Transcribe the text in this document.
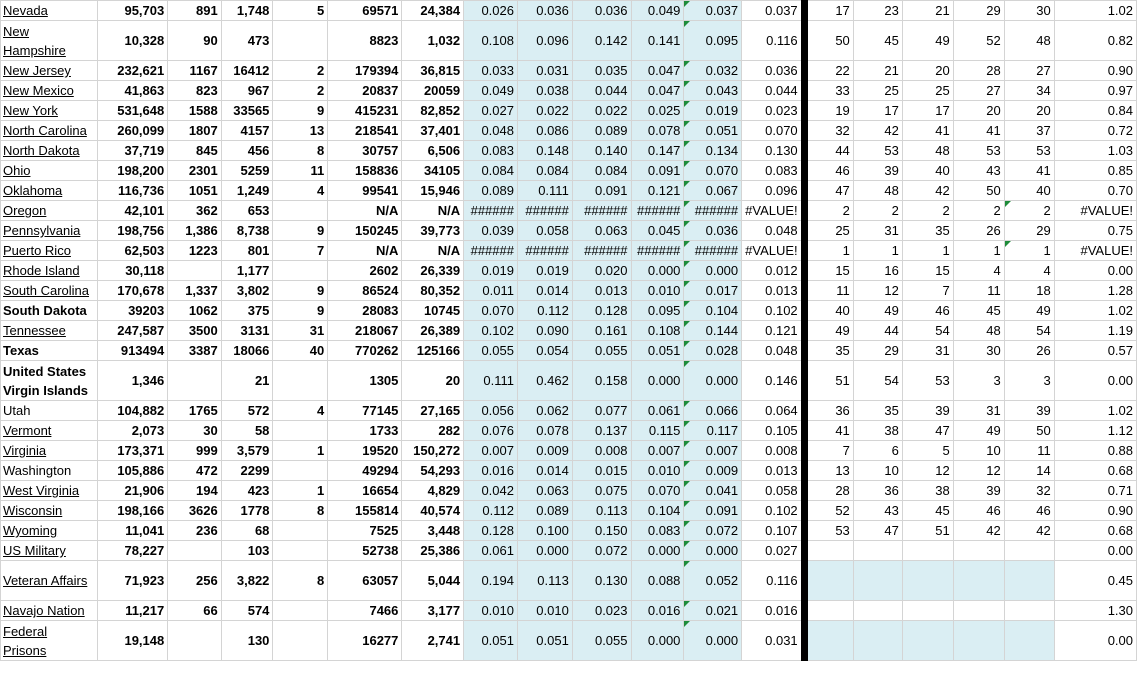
Nevada	95,703	891	1,748	5	69571	24,384	0.026	0.036	0.036	0.049	0.037	0.037	17	23	21	29	30	1.02

New Hampshire	10,328	90	473		8823	1,032	0.108	0.096	0.142	0.141	0.095	0.116	50	45	49	52	48	0.82
New Jersey	232,621	1167	16412	2	179394	36,815	0.033	0.031	0.035	0.047	0.032	0.036	22	21	20	28	27	0.90
New Mexico	41,863	823	967	2	20837	20059	0.049	0.038	0.044	0.047	0.043	0.044	33	25	25	27	34	0.97
New York	531,648	1588	33565	9	415231	82,852	0.027	0.022	0.022	0.025	0.019	0.023	19	17	17	20	20	0.84
North Carolina	260,099	1807	4157	13	218541	37,401	0.048	0.086	0.089	0.078	0.051	0.070	32	42	41	41	37	0.72
North Dakota	37,719	845	456	8	30757	6,506	0.083	0.148	0.140	0.147	0.134	0.130	44	53	48	53	53	1.03
Ohio	198,200	2301	5259	11	158836	34105	0.084	0.084	0.084	0.091	0.070	0.083	46	39	40	43	41	0.85
Oklahoma	116,736	1051	1,249	4	99541	15,946	0.089	0.111	0.091	0.121	0.067	0.096	47	48	42	50	40	0.70
Oregon	42,101	362	653		N/A	N/A	######	######	######	######	######	#VALUE!	2	2	2	2	2	#VALUE!
Pennsylvania	198,756	1,386	8,738	9	150245	39,773	0.039	0.058	0.063	0.045	0.036	0.048	25	31	35	26	29	0.75
Puerto Rico	62,503	1223	801	7	N/A	N/A	######	######	######	######	######	#VALUE!	1	1	1	1	1	#VALUE!
Rhode Island	30,118		1,177		2602	26,339	0.019	0.019	0.020	0.000	0.000	0.012	15	16	15	4	4	0.00
South Carolina	170,678	1,337	3,802	9	86524	80,352	0.011	0.014	0.013	0.010	0.017	0.013	11	12	7	11	18	1.28
South Dakota	39203	1062	375	9	28083	10745	0.070	0.112	0.128	0.095	0.104	0.102	40	49	46	45	49	1.02
Tennessee	247,587	3500	3131	31	218067	26,389	0.102	0.090	0.161	0.108	0.144	0.121	49	44	54	48	54	1.19
Texas	913494	3387	18066	40	770262	125166	0.055	0.054	0.055	0.051	0.028	0.048	35	29	31	30	26	0.57

United States Virgin Islands	1,346		21		1305	20	0.111	0.462	0.158	0.000	0.000	0.146	51	54	53	3	3	0.00
Utah	104,882	1765	572	4	77145	27,165	0.056	0.062	0.077	0.061	0.066	0.064	36	35	39	31	39	1.02
Vermont	2,073	30	58		1733	282	0.076	0.078	0.137	0.115	0.117	0.105	41	38	47	49	50	1.12
Virginia	173,371	999	3,579	1	19520	150,272	0.007	0.009	0.008	0.007	0.007	0.008	7	6	5	10	11	0.88
Washington	105,886	472	2299		49294	54,293	0.016	0.014	0.015	0.010	0.009	0.013	13	10	12	12	14	0.68
West Virginia	21,906	194	423	1	16654	4,829	0.042	0.063	0.075	0.070	0.041	0.058	28	36	38	39	32	0.71
Wisconsin	198,166	3626	1778	8	155814	40,574	0.112	0.089	0.113	0.104	0.091	0.102	52	43	45	46	46	0.90
Wyoming	11,041	236	68		7525	3,448	0.128	0.100	0.150	0.083	0.072	0.107	53	47	51	42	42	0.68
US Military	78,227		103		52738	25,386	0.061	0.000	0.072	0.000	0.000	0.027						0.00

Veteran Affairs	71,923	256	3,822	8	63057	5,044	0.194	0.113	0.130	0.088	0.052	0.116						0.45
Navajo Nation	11,217	66	574		7466	3,177	0.010	0.010	0.023	0.016	0.021	0.016						1.30

Federal Prisons	19,148		130		16277	2,741	0.051	0.051	0.055	0.000	0.000	0.031						0.00
